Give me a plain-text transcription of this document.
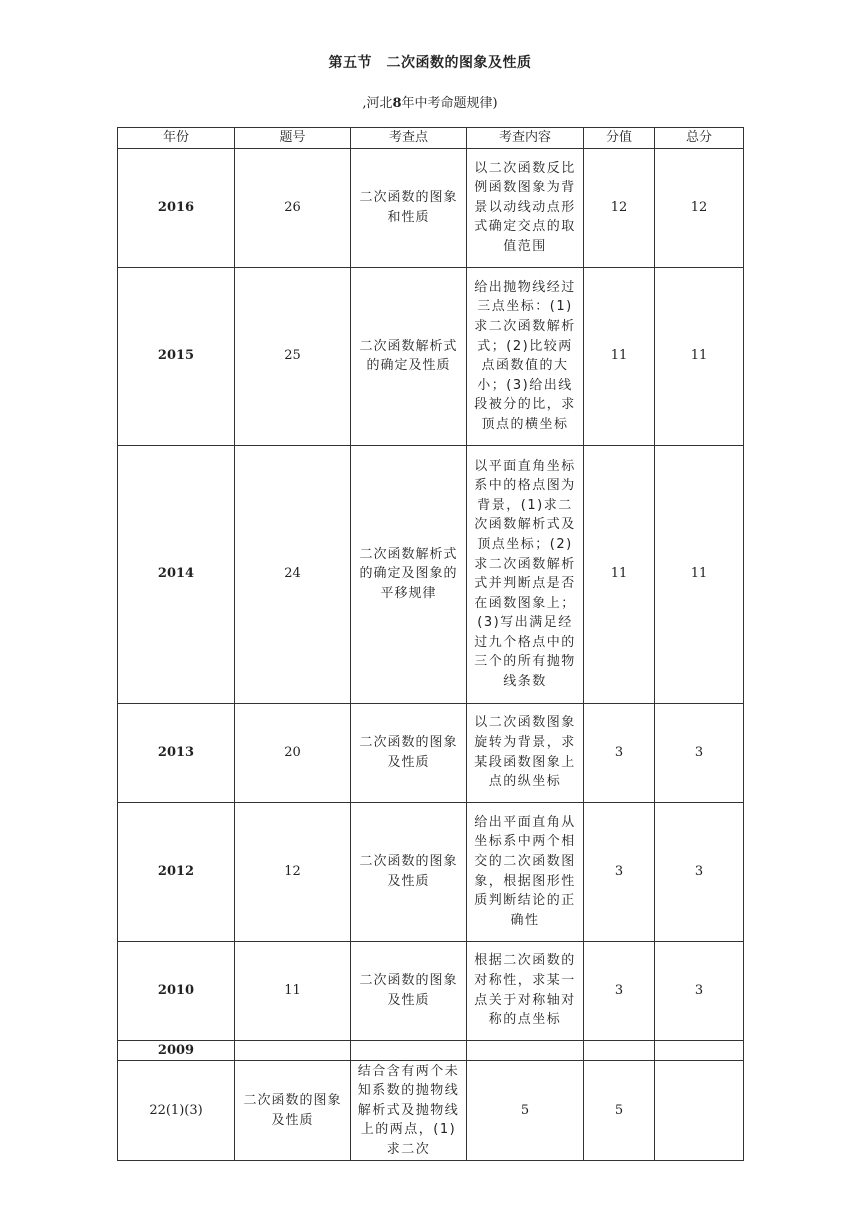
第五节　二次函数的图象及性质
,河北8年中考命题规律)
年份	题号	考查点	考查内容	分值	总分
2016	26	二次函数的图象和性质	以二次函数反比例函数图象为背景以动线动点形式确定交点的取值范围	12	12
2015	25	二次函数解析式的确定及性质	给出抛物线经过三点坐标：(1)求二次函数解析式；(2)比较两点函数值的大小；(3)给出线段被分的比，求顶点的横坐标	11	11
2014	24	二次函数解析式的确定及图象的平移规律	以平面直角坐标系中的格点图为背景，(1)求二次函数解析式及顶点坐标；(2)求二次函数解析式并判断点是否在函数图象上；(3)写出满足经过九个格点中的三个的所有抛物线条数	11	11
2013	20	二次函数的图象及性质	以二次函数图象旋转为背景，求某段函数图象上点的纵坐标	3	3
2012	12	二次函数的图象及性质	给出平面直角从坐标系中两个相交的二次函数图象，根据图形性质判断结论的正确性	3	3
2010	11	二次函数的图象及性质	根据二次函数的对称性，求某一点关于对称轴对称的点坐标	3	3
2009					
22(1)(3)	二次函数的图象及性质	结合含有两个未知系数的抛物线解析式及抛物线上的两点，(1)求二次	5	5	
